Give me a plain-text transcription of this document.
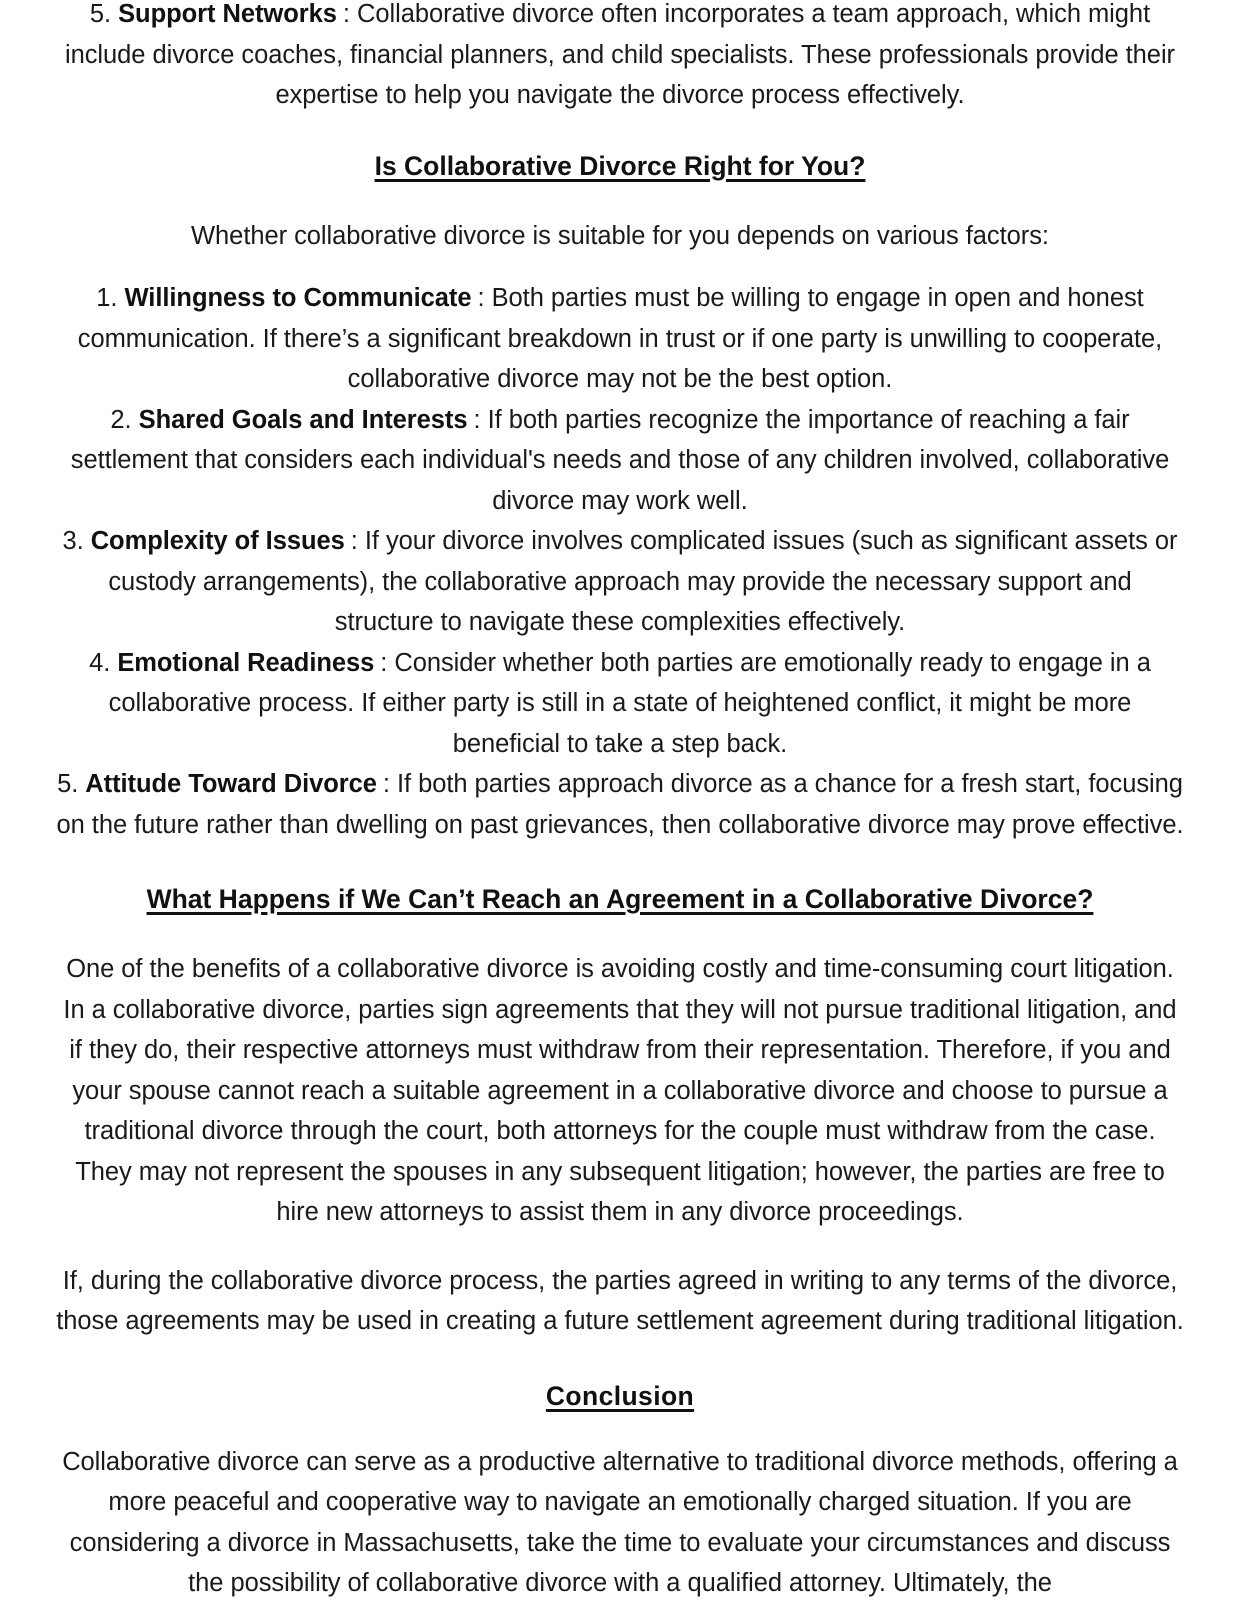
5. Support Networks : Collaborative divorce often incorporates a team approach, which might include divorce coaches, financial planners, and child specialists. These professionals provide their expertise to help you navigate the divorce process effectively.
Is Collaborative Divorce Right for You?

Whether collaborative divorce is suitable for you depends on various factors:

1. Willingness to Communicate : Both parties must be willing to engage in open and honest communication. If there’s a significant breakdown in trust or if one party is unwilling to cooperate, collaborative divorce may not be the best option.
2. Shared Goals and Interests : If both parties recognize the importance of reaching a fair settlement that considers each individual's needs and those of any children involved, collaborative divorce may work well.
3. Complexity of Issues : If your divorce involves complicated issues (such as significant assets or custody arrangements), the collaborative approach may provide the necessary support and structure to navigate these complexities effectively.
4. Emotional Readiness : Consider whether both parties are emotionally ready to engage in a collaborative process. If either party is still in a state of heightened conflict, it might be more beneficial to take a step back.
5. Attitude Toward Divorce : If both parties approach divorce as a chance for a fresh start, focusing on the future rather than dwelling on past grievances, then collaborative divorce may prove effective.
What Happens if We Can’t Reach an Agreement in a Collaborative Divorce?

One of the benefits of a collaborative divorce is avoiding costly and time-consuming court litigation. In a collaborative divorce, parties sign agreements that they will not pursue traditional litigation, and if they do, their respective attorneys must withdraw from their representation. Therefore, if you and your spouse cannot reach a suitable agreement in a collaborative divorce and choose to pursue a traditional divorce through the court, both attorneys for the couple must withdraw from the case. They may not represent the spouses in any subsequent litigation; however, the parties are free to hire new attorneys to assist them in any divorce proceedings.

If, during the collaborative divorce process, the parties agreed in writing to any terms of the divorce, those agreements may be used in creating a future settlement agreement during traditional litigation.

Conclusion

Collaborative divorce can serve as a productive alternative to traditional divorce methods, offering a more peaceful and cooperative way to navigate an emotionally charged situation. If you are considering a divorce in Massachusetts, take the time to evaluate your circumstances and discuss the possibility of collaborative divorce with a qualified attorney. Ultimately, the
